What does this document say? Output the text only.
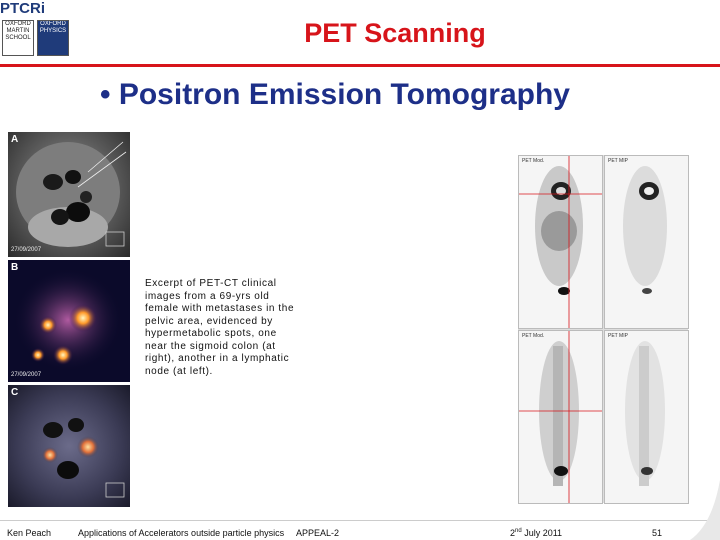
PTCRi
OXFORD MARTIN SCHOOL
OXFORD PHYSICS	PET Scanning
• Positron Emission Tomography
A
27/09/2007
B
27/09/2007
C
Excerpt of PET-CT clinical images from a 69-yrs old female with metastases in the pelvic area, evidenced by hypermetabolic spots, one near the sigmoid colon (at right), another in a lymphatic node (at left).
PET Mod.	PET MIP
PET Mod.	PET MIP
Ken Peach	Applications of Accelerators outside particle physics APPEAL-2	2nd July 2011	51
